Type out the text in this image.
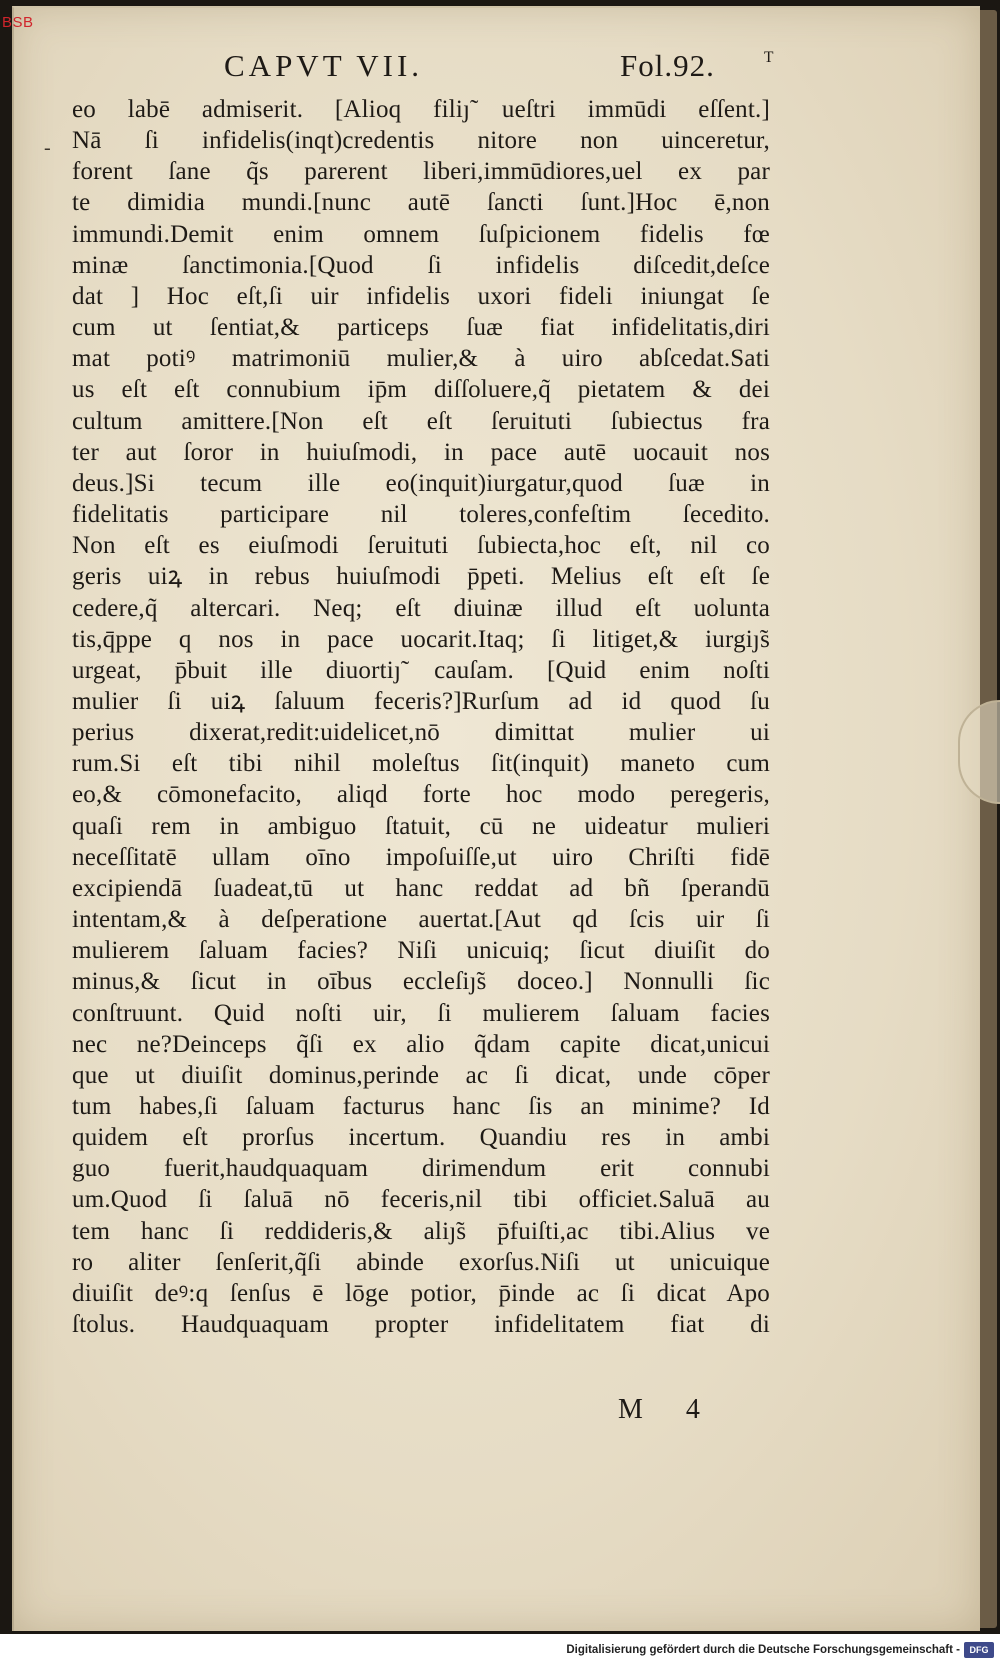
BSB
CAPVT VII.	Fol.92. ᵀ
-
eo labē admiserit. [Alioq filiȷ̃ ueſtri immūdi eſſent.]
Nā ſi infidelis(inqt)credentis nitore non uinceretur,
forent ſane q̃s parerent liberi,immūdiores,uel ex par
te dimidia mundi.[nunc autē ſancti ſunt.]Hoc ē,non
immundi.Demit enim omnem ſuſpicionem fidelis fœ
minæ ſanctimonia.[Quod ſi infidelis diſcedit,deſce
dat ] Hoc eſt,ſi uir infidelis uxori fideli iniungat ſe
cum ut ſentiat,& particeps ſuæ fiat infidelitatis,diri
mat potiꝰ matrimoniū mulier,& à uiro abſcedat.Sati
us eſt eſt connubium ip̄m diſſoluere,q̃ pietatem & dei
cultum amittere.[Non eſt eſt ſeruituti ſubiectus fra
ter aut ſoror in huiuſmodi, in pace autē uocauit nos
deus.]Si tecum ille eo(inquit)iurgatur,quod ſuæ in
fidelitatis participare nil toleres,confeſtim ſecedito.
Non eſt es eiuſmodi ſeruituti ſubiecta,hoc eſt, nil co
geris uiꝝ in rebus huiuſmodi p̄peti. Melius eſt eſt ſe
cedere,q̃ altercari. Neq; eſt diuinæ illud eſt uolunta
tis,q̄ppe q nos in pace uocarit.Itaq; ſi litiget,& iurgiȷ̃s
urgeat, p̄buit ille diuortiȷ̃ cauſam. [Quid enim noſti
mulier ſi uiꝝ ſaluum feceris?]Rurſum ad id quod ſu
perius dixerat,redit:uidelicet,nō dimittat mulier ui
rum.Si eſt tibi nihil moleſtus ſit(inquit) maneto cum
eo,& cōmonefacito, aliqd forte hoc modo peregeris,
quaſi rem in ambiguo ſtatuit, cū ne uideatur mulieri
neceſſitatē ullam oīno impoſuiſſe,ut uiro Chriſti fidē
excipiendā ſuadeat,tū ut hanc reddat ad bñ ſperandū
intentam,& à deſperatione auertat.[Aut qd ſcis uir ſi
mulierem ſaluam facies? Niſi unicuiq; ſicut diuiſit do
minus,& ſicut in oībus eccleſiȷ̃s doceo.] Nonnulli ſic
conſtruunt. Quid noſti uir, ſi mulierem ſaluam facies
nec ne?Deinceps q̃ſi ex alio q̃dam capite dicat,unicui
que ut diuiſit dominus,perinde ac ſi dicat, unde cōper
tum habes,ſi ſaluam facturus hanc ſis an minime? Id
quidem eſt prorſus incertum. Quandiu res in ambi
guo fuerit,haudquaquam dirimendum erit connubi
um.Quod ſi ſaluā nō feceris,nil tibi officiet.Saluā au
tem hanc ſi reddideris,& aliȷ̃s p̄fuiſti,ac tibi.Alius ve
ro aliter ſenſerit,q̃ſi abinde exorſus.Niſi ut unicuique
diuiſit deꝰ:q ſenſus ē lōge potior, p̄inde ac ſi dicat Apo
ſtolus. Haudquaquam propter infidelitatem fiat di
M 4
Digitalisierung gefördert durch die Deutsche Forschungsgemeinschaft -	DFG
